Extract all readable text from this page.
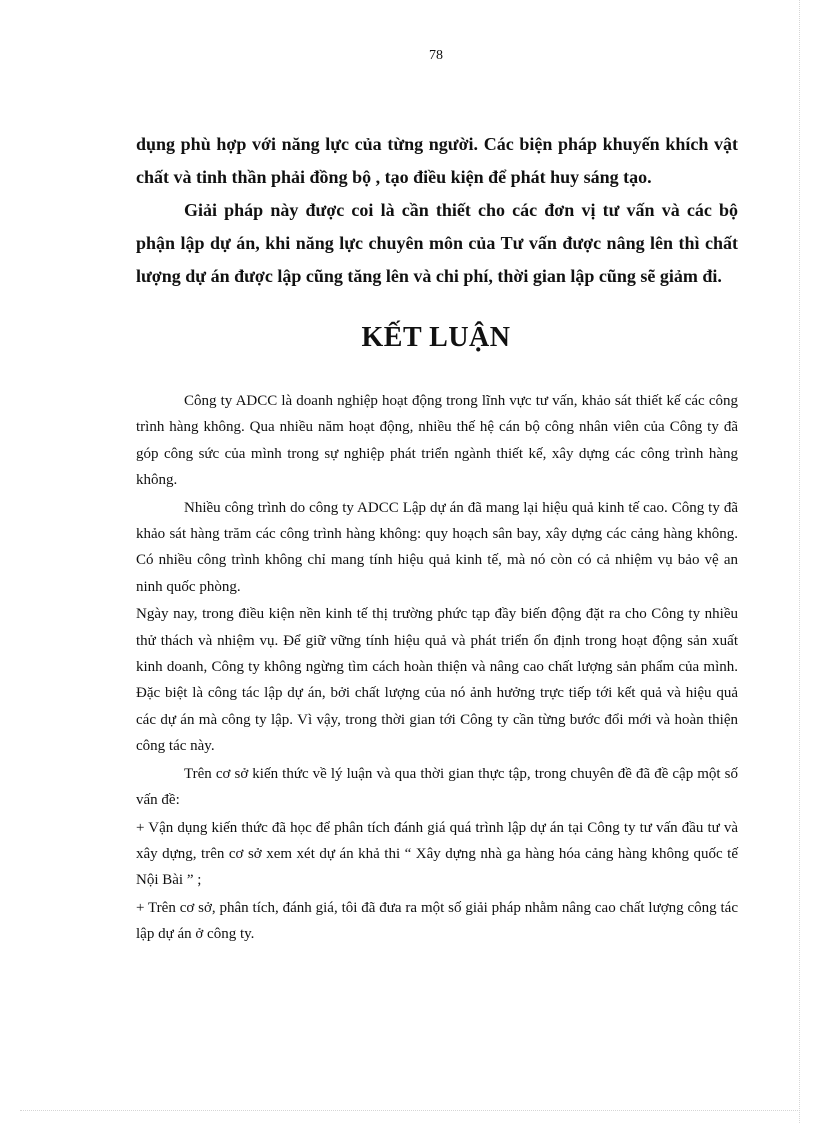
78

dụng phù hợp với năng lực của từng người. Các biện pháp khuyến khích vật chất và tinh thần phải đồng bộ , tạo điều kiện để phát huy sáng tạo.

Giải pháp này được coi là cần thiết cho các đơn vị tư vấn và các bộ phận lập dự án, khi năng lực chuyên môn của Tư vấn được nâng lên thì chất lượng dự án được lập cũng tăng lên và chi phí, thời gian lập cũng sẽ giảm đi.

KẾT LUẬN

Công ty ADCC là doanh nghiệp hoạt động trong lĩnh vực tư vấn, khảo sát thiết kế các công trình hàng không. Qua nhiều năm hoạt động, nhiều thế hệ cán bộ công nhân viên của Công ty đã góp công sức của mình trong sự nghiệp phát triển ngành thiết kế, xây dựng các công trình hàng không.

Nhiều công trình do công ty ADCC Lập dự án đã mang lại hiệu quả kinh tế cao. Công ty đã khảo sát hàng trăm các công trình hàng không: quy hoạch sân bay, xây dựng các cảng hàng không. Có nhiều công trình không chỉ mang tính hiệu quả kinh tế, mà nó còn có cả nhiệm vụ bảo vệ an ninh quốc phòng.

Ngày nay, trong điều kiện nền kinh tế thị trường phức tạp đầy biến động đặt ra cho Công ty nhiều thử thách và nhiệm vụ. Để giữ vững tính hiệu quả và phát triển ổn định trong hoạt động sản xuất kinh doanh, Công ty không ngừng tìm cách hoàn thiện và nâng cao chất lượng sản phẩm của mình. Đặc biệt là công tác lập dự án, bởi chất lượng của nó ảnh hưởng trực tiếp tới kết quả và hiệu quả các dự án mà công ty lập. Vì vậy, trong thời gian tới Công ty cần từng bước đổi mới và hoàn thiện công tác này.

Trên cơ sở kiến thức về lý luận và qua thời gian thực tập, trong chuyên đề đã đề cập một số vấn đề:

+ Vận dụng kiến thức đã học để phân tích đánh giá quá trình lập dự án tại Công ty tư vấn đầu tư và xây dựng, trên cơ sở xem xét dự án khả thi “ Xây dựng nhà ga hàng hóa cảng hàng không quốc tế Nội Bài ” ;

+ Trên cơ sở, phân tích, đánh giá, tôi đã đưa ra một số giải pháp nhằm nâng cao chất lượng công tác lập dự án ở công ty.
